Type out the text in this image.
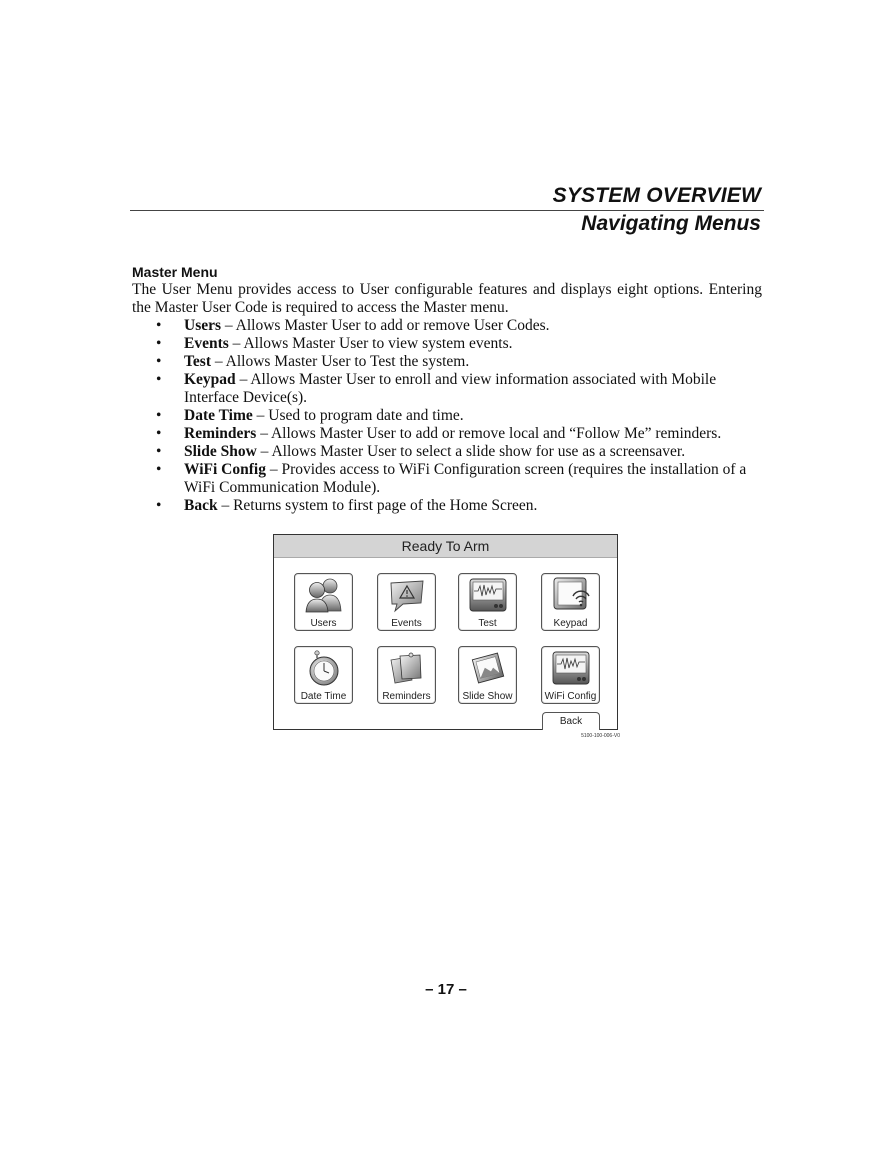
SYSTEM OVERVIEW
Navigating Menus
Master Menu

The User Menu provides access to User configurable features and displays eight options. Entering the Master User Code is required to access the Master menu.

• Users – Allows Master User to add or remove User Codes.
• Events – Allows Master User to view system events.
• Test – Allows Master User to Test the system.
• Keypad – Allows Master User to enroll and view information associated with Mobile Interface Device(s).
• Date Time – Used to program date and time.
• Reminders – Allows Master User to add or remove local and “Follow Me” reminders.
• Slide Show – Allows Master User to select a slide show for use as a screensaver.
• WiFi Config – Provides access to WiFi Configuration screen (requires the installation of a WiFi Communication Module).
• Back – Returns system to first page of the Home Screen.
Ready To Arm
Users	Events	Test	Keypad
Date Time	Reminders	Slide Show	WiFi Config
Back
5100-100-006-V0
– 17 –
